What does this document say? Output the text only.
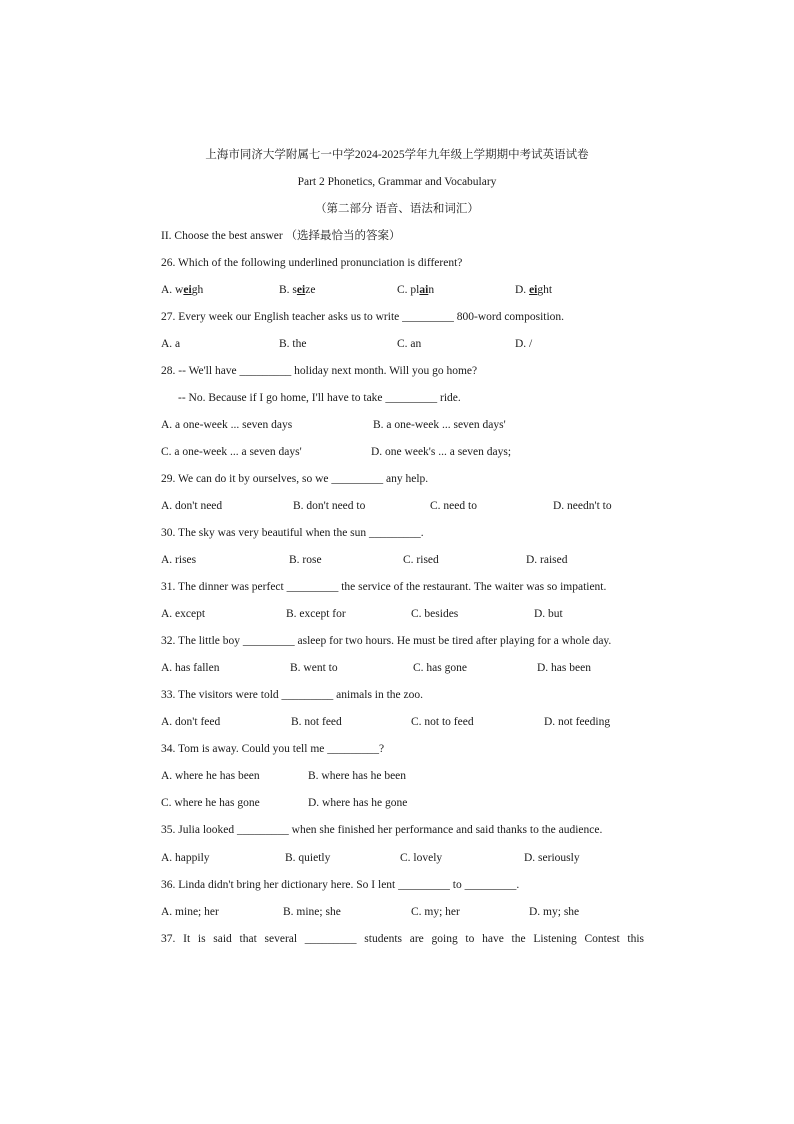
上海市同济大学附属七一中学2024-2025学年九年级上学期期中考试英语试卷
Part 2 Phonetics, Grammar and Vocabulary
（第二部分 语音、语法和词汇）
II. Choose the best answer （选择最恰当的答案）
26. Which of the following underlined pronunciation is different?
A. weigh	B. seize	C. plain	D. eight
27. Every week our English teacher asks us to write _________ 800-word composition.
A. a	B. the	C. an	D. /
28. -- We'll have _________ holiday next month. Will you go home?
-- No. Because if I go home, I'll have to take _________ ride.
A. a one-week ... seven days	B. a one-week ... seven days'
C. a one-week ... a seven days'	D. one week's ... a seven days;
29. We can do it by ourselves, so we _________ any help.
A. don't need	B. don't need to	C. need to	D. needn't to
30. The sky was very beautiful when the sun _________.
A. rises	B. rose	C. rised	D. raised
31. The dinner was perfect _________ the service of the restaurant. The waiter was so impatient.
A. except	B. except for	C. besides	D. but
32. The little boy _________ asleep for two hours. He must be tired after playing for a whole day.
A. has fallen	B. went to	C. has gone	D. has been
33. The visitors were told _________ animals in the zoo.
A. don't feed	B. not feed	C. not to feed	D. not feeding
34. Tom is away. Could you tell me _________?
A. where he has been	B. where has he been
C. where he has gone	D. where has he gone
35. Julia looked _________ when she finished her performance and said thanks to the audience.
A. happily	B. quietly	C. lovely	D. seriously
36. Linda didn't bring her dictionary here. So I lent _________ to _________.
A. mine; her	B. mine; she	C. my; her	D. my; she
37. It is said that several _________ students are going to have the Listening Contest this
